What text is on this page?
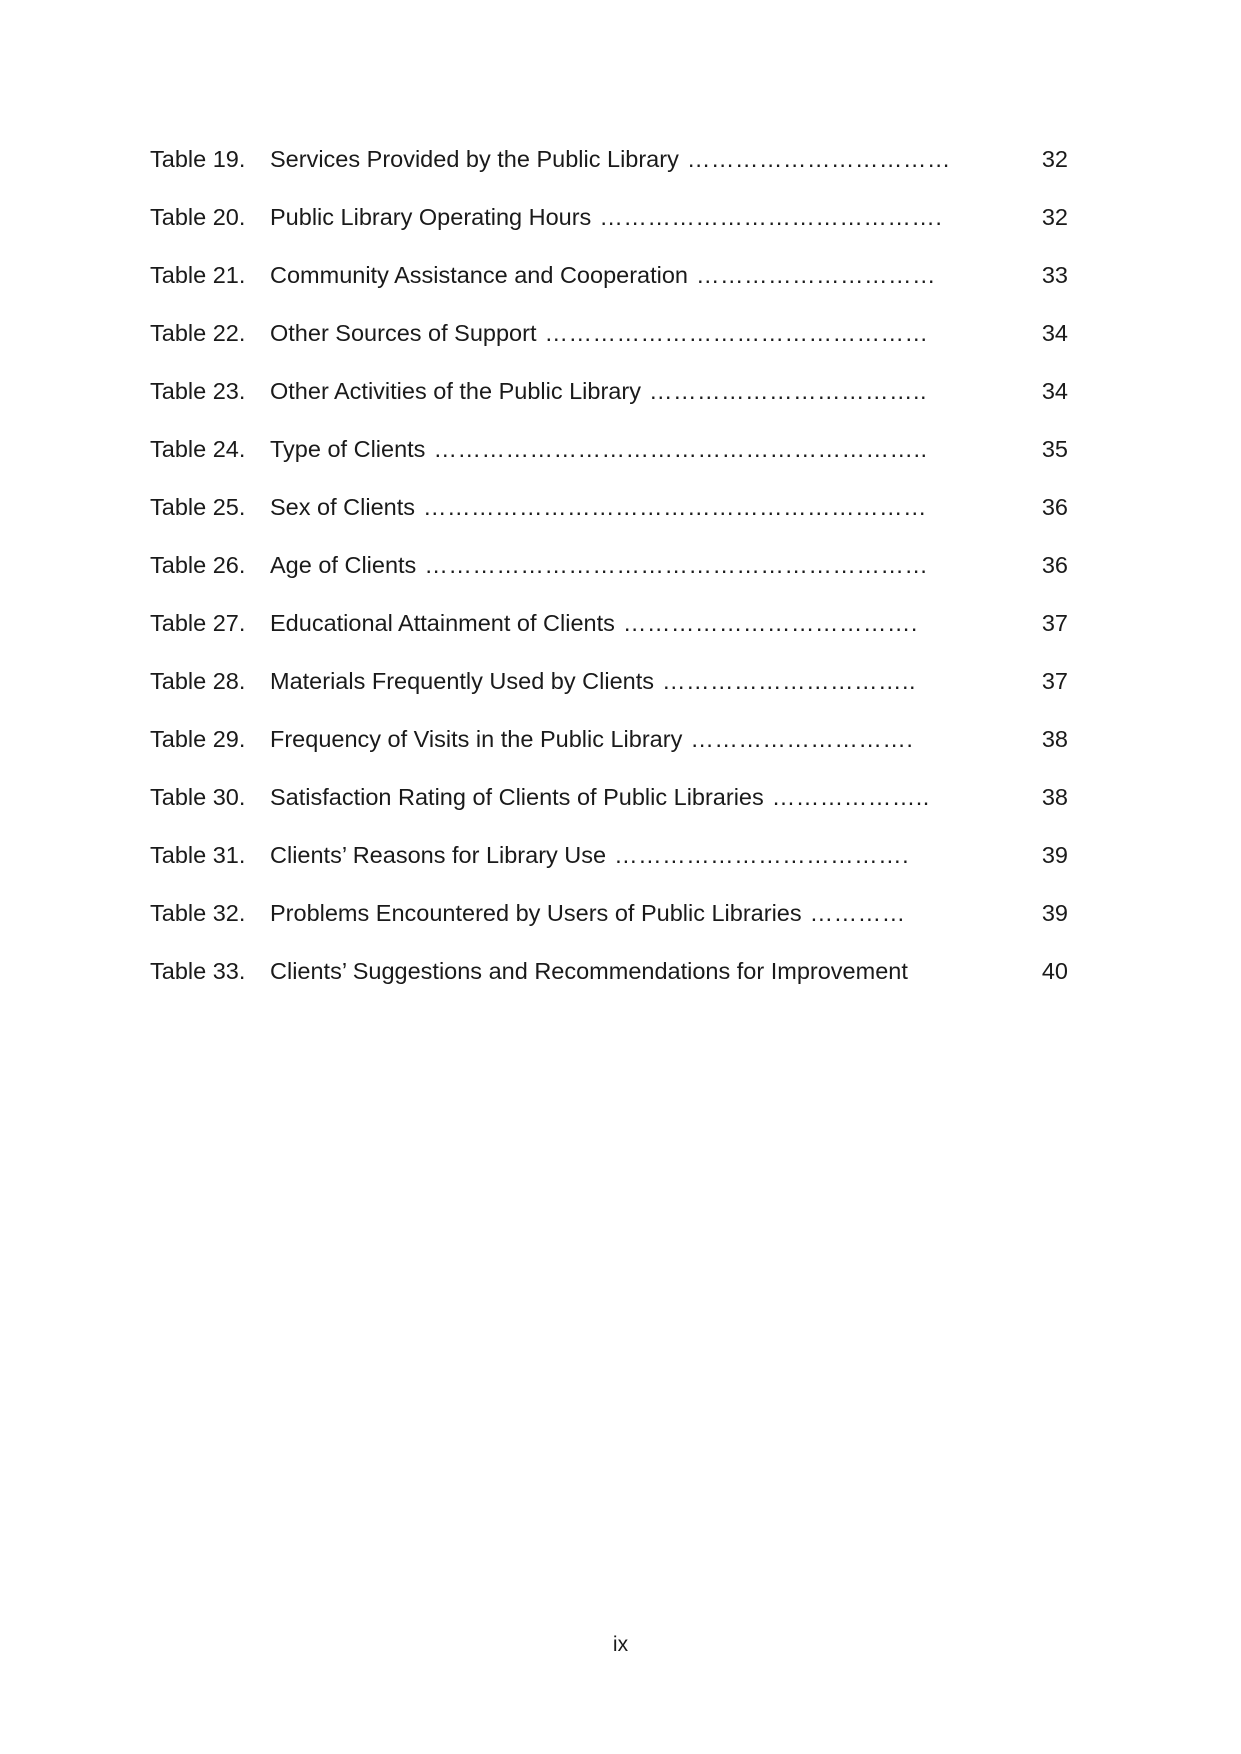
Table 19.	Services Provided by the Public Library ……………………………	32
Table 20.	Public Library Operating Hours …………………………………….	32
Table 21.	Community Assistance and Cooperation …………………………	33
Table 22.	Other Sources of Support …………………………………………	34
Table 23.	Other Activities of the Public Library ……………………………..	34
Table 24.	Type of Clients ……………………………………………………..	35
Table 25.	Sex of Clients ………………………………………………………	36
Table 26.	Age of Clients ………………………………………………………	36
Table 27.	Educational Attainment of Clients ……………………………….	37
Table 28.	Materials Frequently Used by Clients …………………………..	37
Table 29.	Frequency of Visits in the Public Library ……………………….	38
Table 30.	Satisfaction Rating of Clients of Public Libraries ………………..	38
Table 31.	Clients’ Reasons for Library Use ……………………………….	39
Table 32.	Problems Encountered by Users of Public Libraries …………	39
Table 33.	Clients’ Suggestions and Recommendations for Improvement	40
ix
